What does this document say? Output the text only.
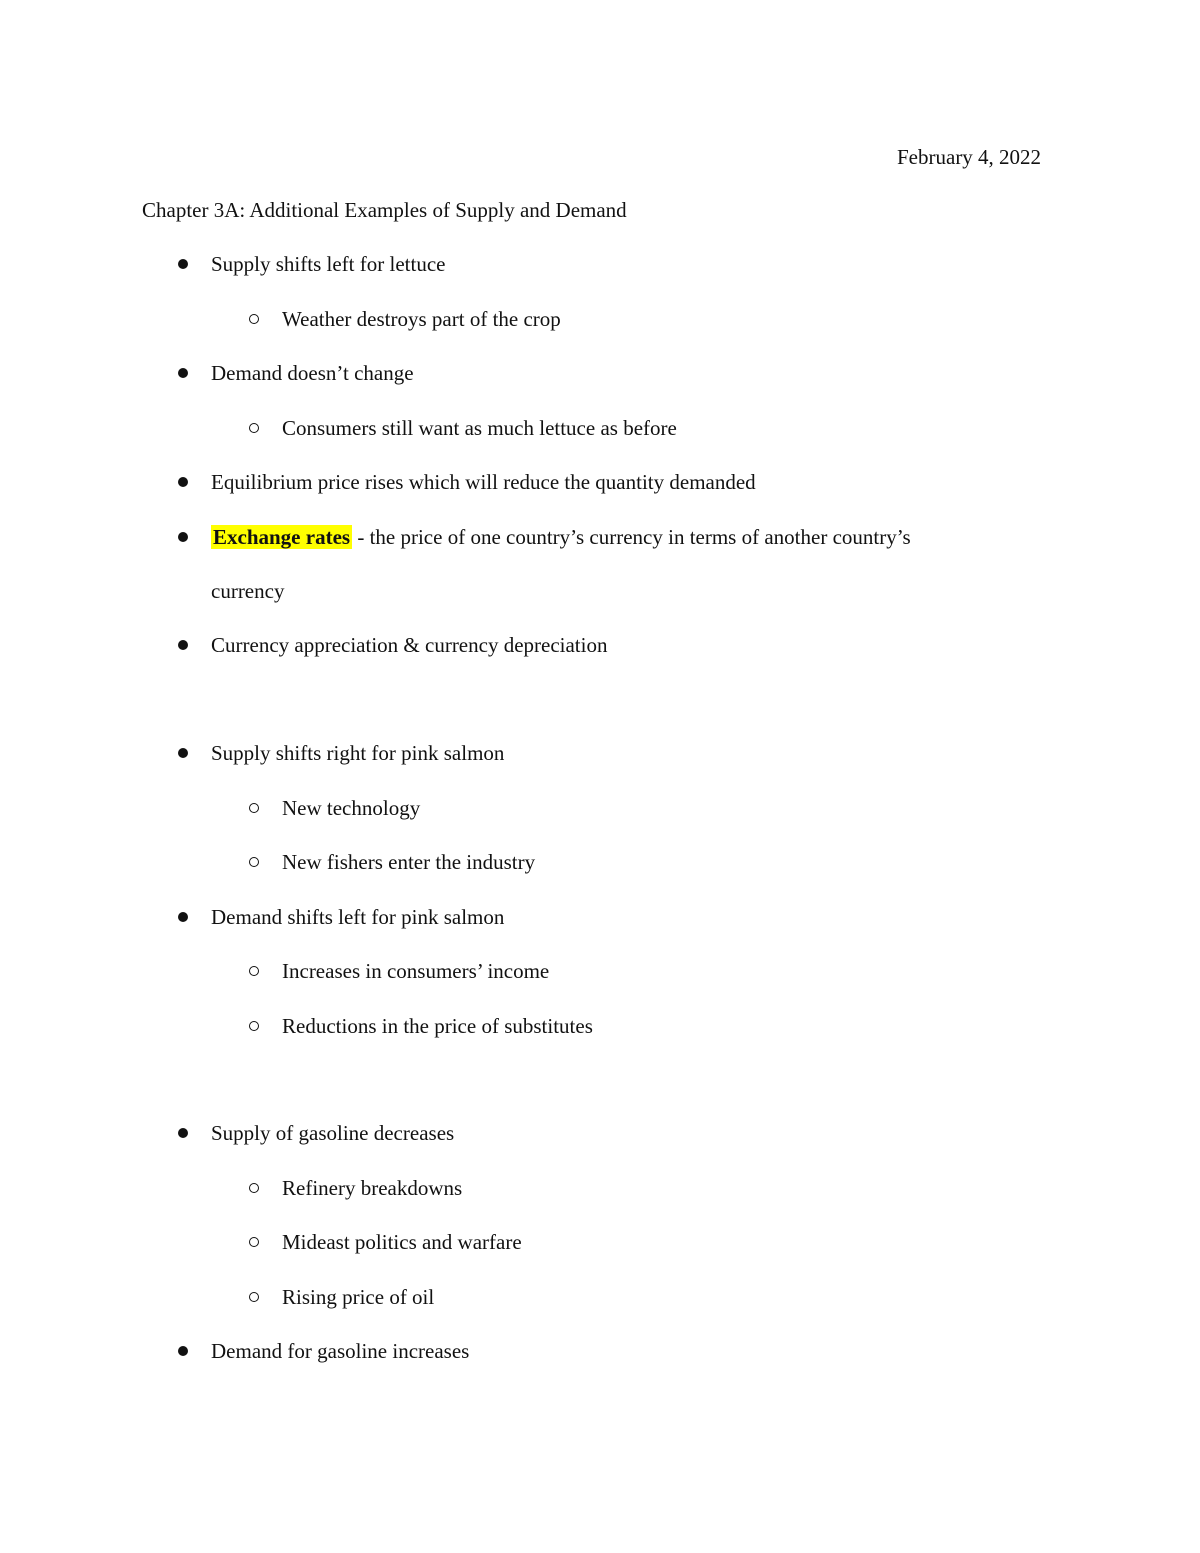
February 4, 2022
Chapter 3A: Additional Examples of Supply and Demand
Supply shifts left for lettuce
Weather destroys part of the crop
Demand doesn’t change
Consumers still want as much lettuce as before
Equilibrium price rises which will reduce the quantity demanded
Exchange rates - the price of one country’s currency in terms of another country’s
currency
Currency appreciation & currency depreciation
Supply shifts right for pink salmon
New technology
New fishers enter the industry
Demand shifts left for pink salmon
Increases in consumers’ income
Reductions in the price of substitutes
Supply of gasoline decreases
Refinery breakdowns
Mideast politics and warfare
Rising price of oil
Demand for gasoline increases
